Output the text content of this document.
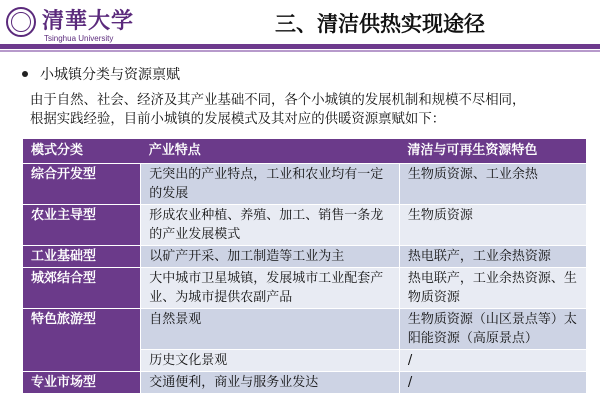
清華大学
Tsinghua University
三、清洁供热实现途径
小城镇分类与资源禀赋
由于自然、社会、经济及其产业基础不同，各个小城镇的发展机制和规模不尽相同，
根据实践经验，目前小城镇的发展模式及其对应的供暖资源禀赋如下：
模式分类	产业特点	清洁与可再生资源特色
综合开发型	无突出的产业特点，工业和农业均有一定的发展	生物质资源、工业余热
农业主导型	形成农业种植、养殖、加工、销售一条龙的产业发展模式	生物质资源
工业基础型	以矿产开采、加工制造等工业为主	热电联产，工业余热资源
城郊结合型	大中城市卫星城镇，发展城市工业配套产业、为城市提供农副产品	热电联产，工业余热资源、生物质资源
特色旅游型	自然景观	生物质资源（山区景点等）太阳能资源（高原景点）
	历史文化景观	/
专业市场型	交通便利，商业与服务业发达	/
